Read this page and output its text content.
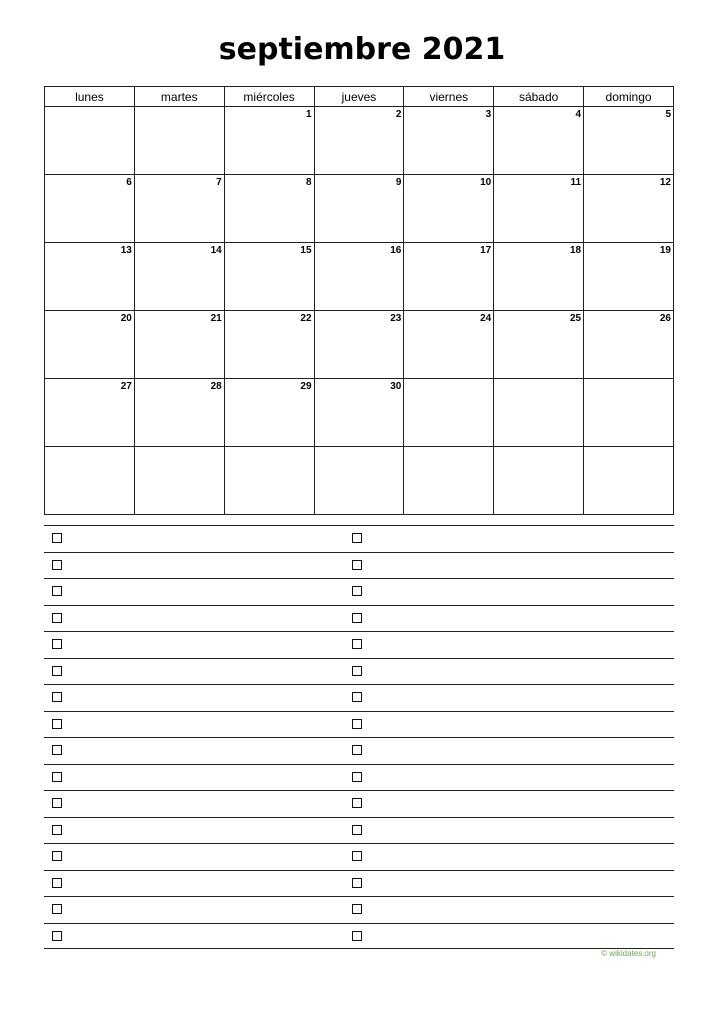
septiembre 2021
lunes	martes	miércoles	jueves	viernes	sábado	domingo

		1	2	3	4	5

6	7	8	9	10	11	12

13	14	15	16	17	18	19

20	21	22	23	24	25	26

27	28	29	30			

© wikidates.org
